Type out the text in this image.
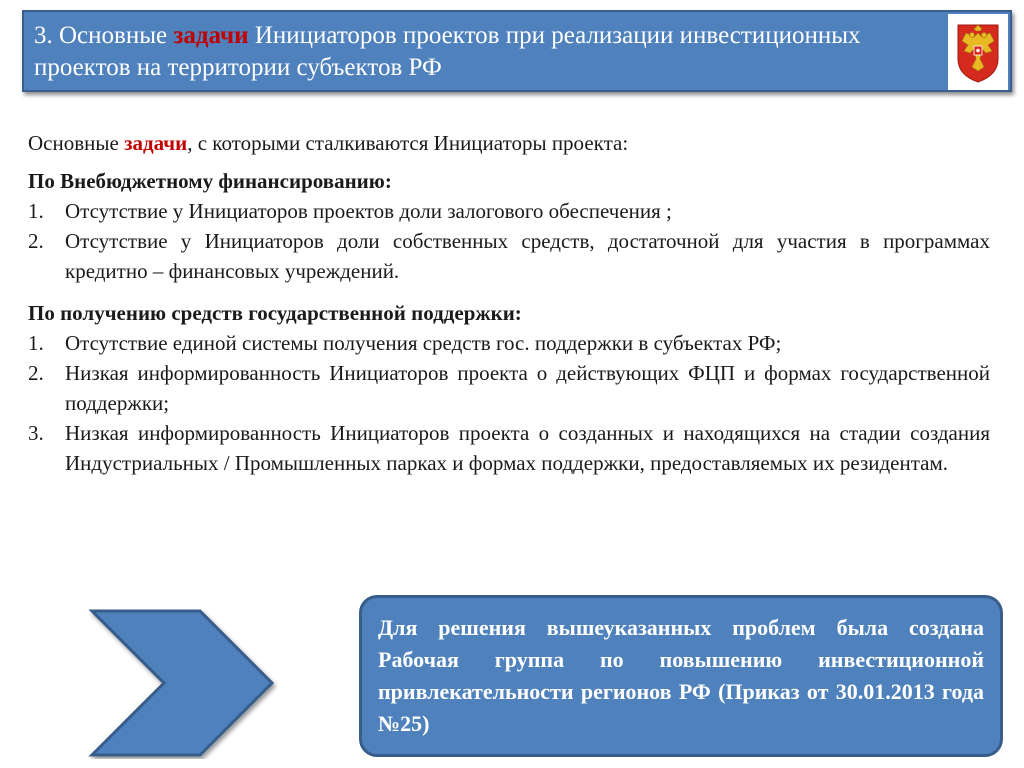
3. Основные задачи Инициаторов проектов при реализации инвестиционных проектов на территории субъектов РФ

Основные задачи, с которыми сталкиваются Инициаторы проекта:

По Внебюджетному финансированию:

1. Отсутствие у Инициаторов проектов доли залогового обеспечения ;
2. Отсутствие у Инициаторов доли собственных средств, достаточной для участия в программах кредитно – финансовых учреждений.

По получению средств государственной поддержки:

1. Отсутствие единой системы получения средств гос. поддержки в субъектах РФ;
2. Низкая информированность Инициаторов проекта о действующих ФЦП и формах государственной поддержки;
3. Низкая информированность Инициаторов проекта о созданных и находящихся на стадии создания Индустриальных / Промышленных парках и формах поддержки, предоставляемых их резидентам.
Для решения вышеуказанных проблем была создана Рабочая группа по повышению инвестиционной привлекательности регионов РФ (Приказ от 30.01.2013 года №25)
